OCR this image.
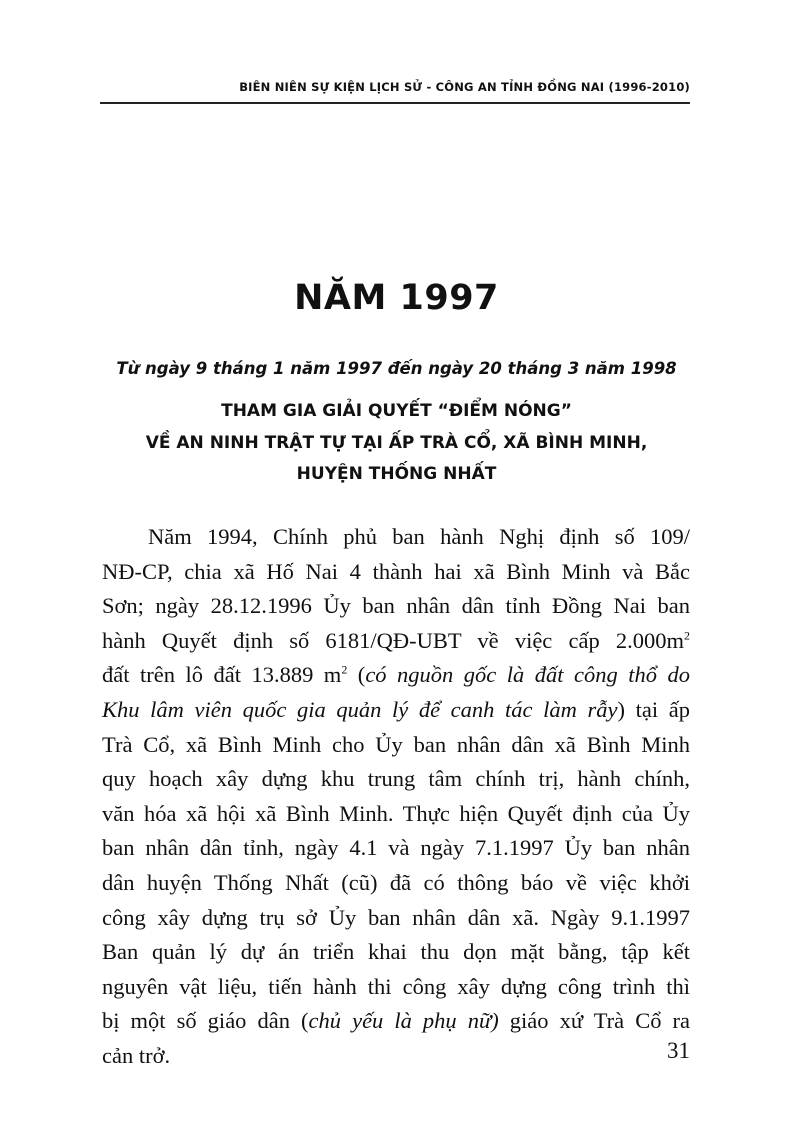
BIÊN NIÊN SỰ KIỆN LỊCH SỬ - CÔNG AN TỈNH ĐỒNG NAI (1996-2010)
NĂM 1997
Từ ngày 9 tháng 1 năm 1997 đến ngày 20 tháng 3 năm 1998
THAM GIA GIẢI QUYẾT “ĐIỂM NÓNG”
VỀ AN NINH TRẬT TỰ TẠI ẤP TRÀ CỔ, XÃ BÌNH MINH,
HUYỆN THỐNG NHẤT
Năm 1994, Chính phủ ban hành Nghị định số 109/
NĐ-CP, chia xã Hố Nai 4 thành hai xã Bình Minh và Bắc
Sơn; ngày 28.12.1996 Ủy ban nhân dân tỉnh Đồng Nai ban
hành Quyết định số 6181/QĐ-UBT về việc cấp $2.000m^2$
đất trên lô đất 13.889 $m^2$ (có nguồn gốc là đất công thổ do
Khu lâm viên quốc gia quản lý để canh tác làm rẫy) tại ấp
Trà Cổ, xã Bình Minh cho Ủy ban nhân dân xã Bình Minh
quy hoạch xây dựng khu trung tâm chính trị, hành chính,
văn hóa xã hội xã Bình Minh. Thực hiện Quyết định của Ủy
ban nhân dân tỉnh, ngày 4.1 và ngày 7.1.1997 Ủy ban nhân
dân huyện Thống Nhất (cũ) đã có thông báo về việc khởi
công xây dựng trụ sở Ủy ban nhân dân xã. Ngày 9.1.1997
Ban quản lý dự án triển khai thu dọn mặt bằng, tập kết
nguyên vật liệu, tiến hành thi công xây dựng công trình thì
bị một số giáo dân (chủ yếu là phụ nữ) giáo xứ Trà Cổ ra
cản trở.	31
